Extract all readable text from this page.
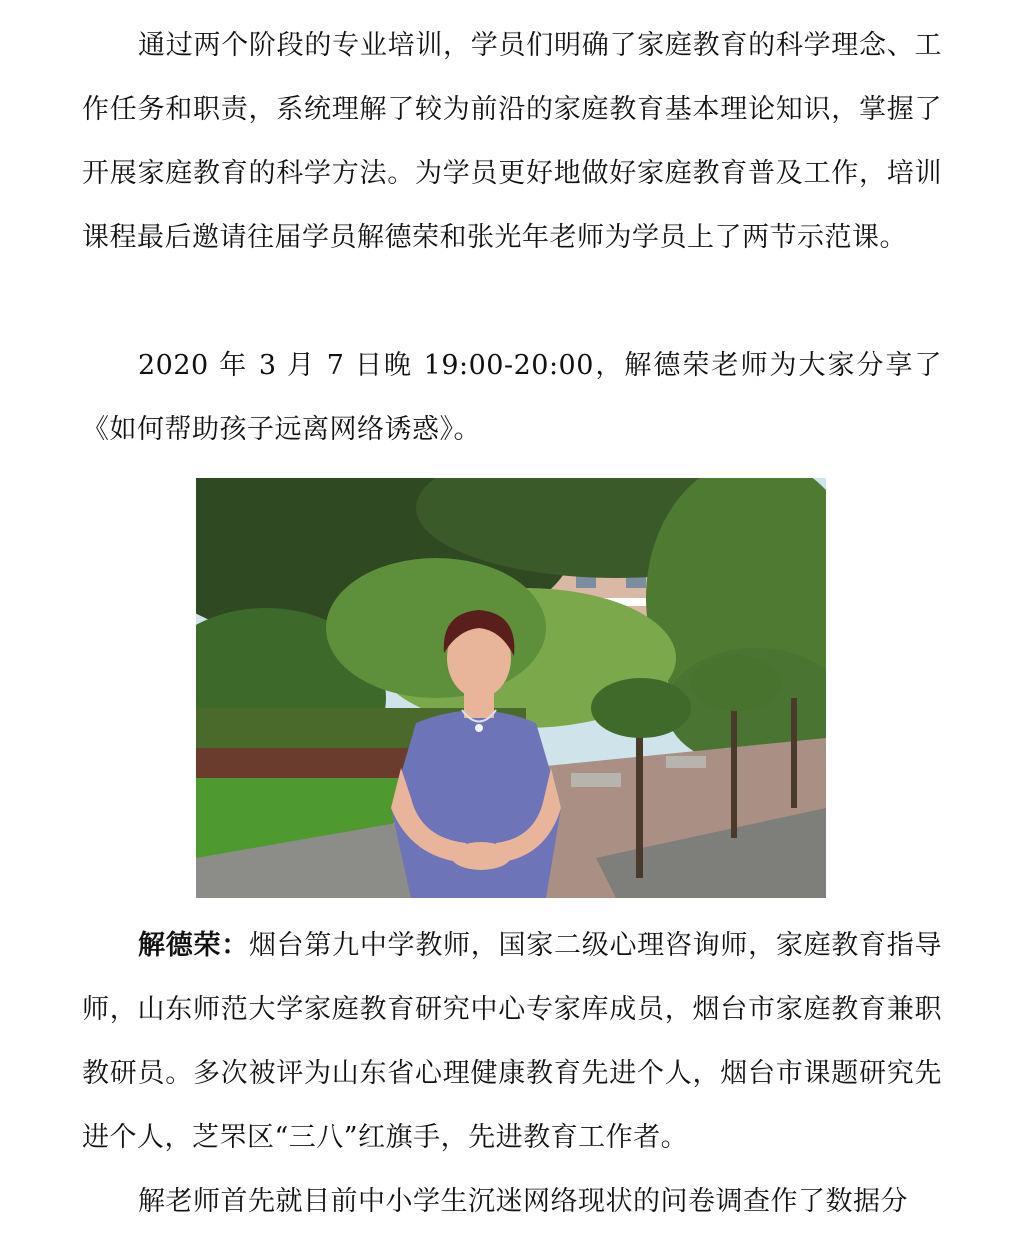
通过两个阶段的专业培训，学员们明确了家庭教育的科学理念、工作任务和职责，系统理解了较为前沿的家庭教育基本理论知识，掌握了开展家庭教育的科学方法。为学员更好地做好家庭教育普及工作，培训课程最后邀请往届学员解德荣和张光年老师为学员上了两节示范课。

2020 年 3 月 7 日晚 19:00-20:00，解德荣老师为大家分享了《如何帮助孩子远离网络诱惑》。

解德荣：烟台第九中学教师，国家二级心理咨询师，家庭教育指导师，山东师范大学家庭教育研究中心专家库成员，烟台市家庭教育兼职教研员。多次被评为山东省心理健康教育先进个人，烟台市课题研究先进个人，芝罘区“三八”红旗手，先进教育工作者。

解老师首先就目前中小学生沉迷网络现状的问卷调查作了数据分
